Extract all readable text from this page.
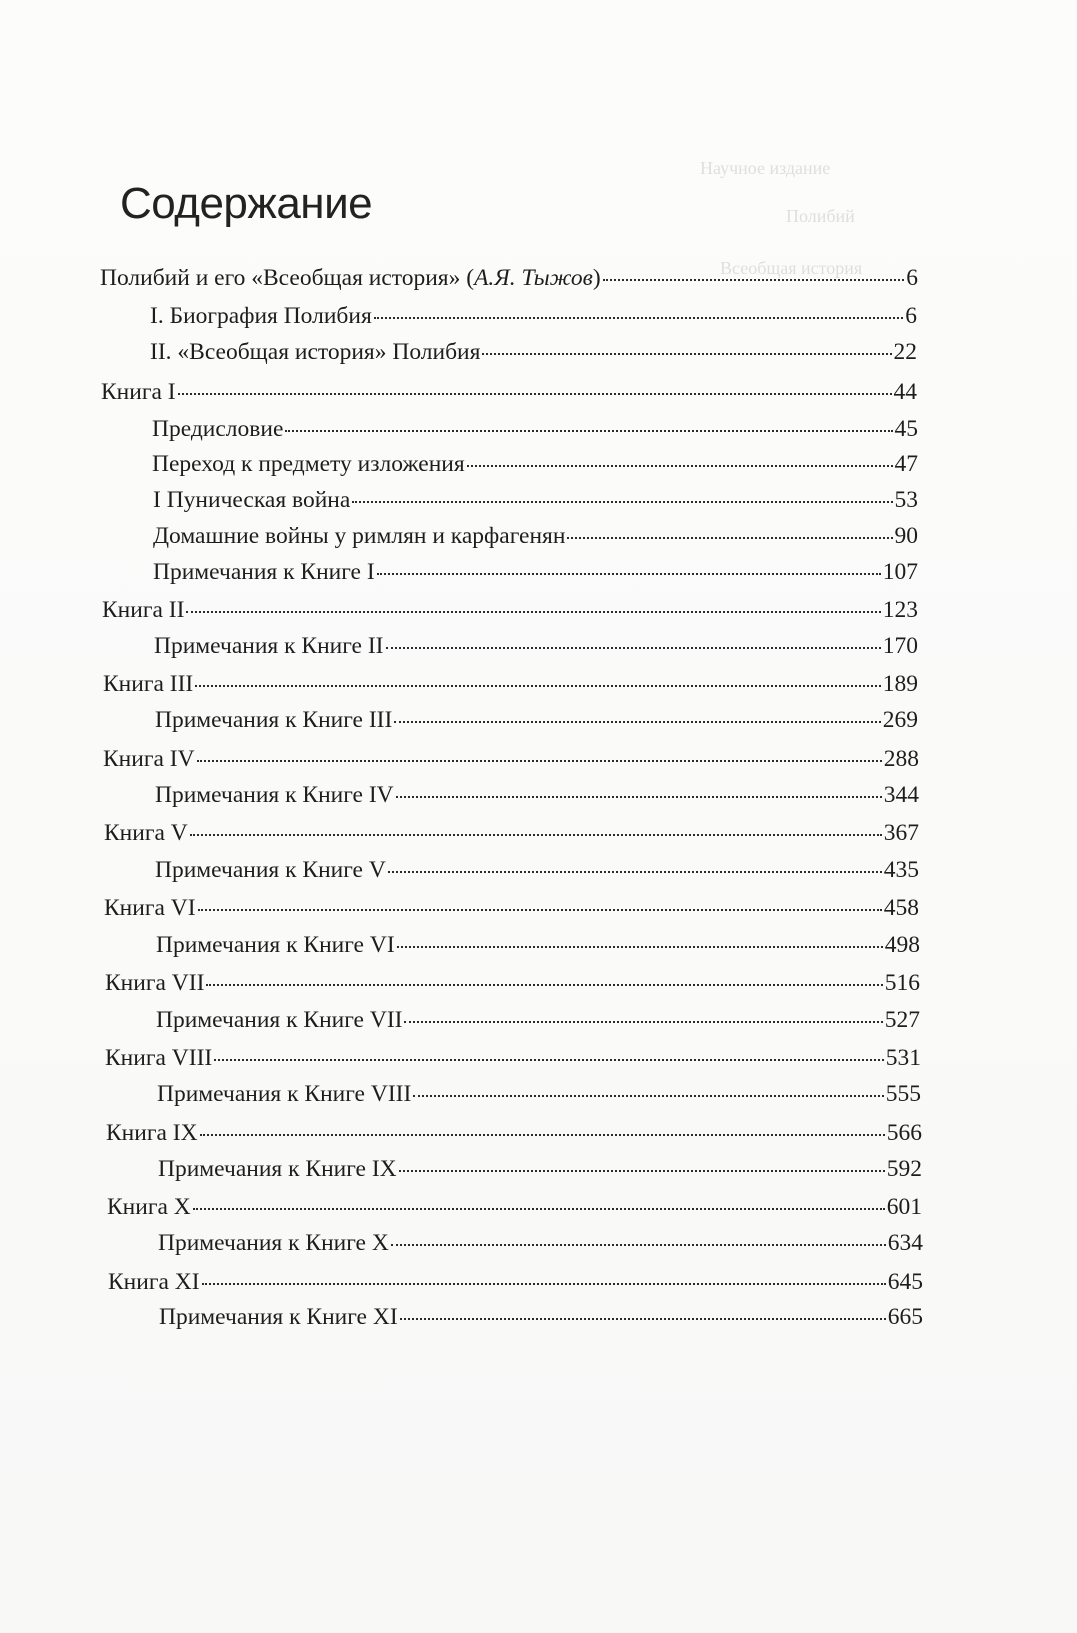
Научное издание
Полибий
Всеобщая история
Содержание
Полибий и его «Всеобщая история» (А.Я. Тыжов)	6
I. Биография Полибия	6
II. «Всеобщая история» Полибия	22
Книга I	44
Предисловие	45
Переход к предмету изложения	47
I Пуническая война	53
Домашние войны у римлян и карфагенян	90
Примечания к Книге I	107
Книга II	123
Примечания к Книге II	170
Книга III	189
Примечания к Книге III	269
Книга IV	288
Примечания к Книге IV	344
Книга V	367
Примечания к Книге V	435
Книга VI	458
Примечания к Книге VI	498
Книга VII	516
Примечания к Книге VII	527
Книга VIII	531
Примечания к Книге VIII	555
Книга IX	566
Примечания к Книге IX	592
Книга X	601
Примечания к Книге X	634
Книга XI	645
Примечания к Книге XI	665
